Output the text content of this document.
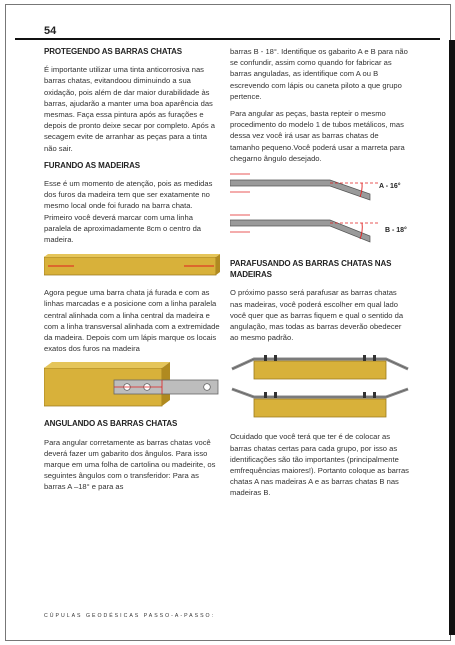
54
PROTEGENDO AS BARRAS CHATAS

É importante utilizar uma tinta anticorrosiva nas barras chatas, evitandoou diminuindo a sua oxidação, pois além de dar maior durabilidade às barras, ajudarão a manter uma boa aparência das mesmas. Faça essa pintura após as furações e depois de pronto deixe secar por completo. Após a secagem evite de arranhar as peças para a tinta não sair.

FURANDO AS MADEIRAS

Esse é um momento de atenção, pois as medidas dos furos da madeira tem que ser exatamente no mesmo local onde foi furado na barra chata. Primeiro você deverá marcar com uma linha paralela de aproximadamente 8cm o centro da madeira.

Agora pegue uma barra chata já furada e com as linhas marcadas e a posicione com a linha paralela central alinhada com a linha central da madeira e com a linha transversal alinhada com a extremidade da madeira. Depois com um lápis marque os locais exatos dos furos na madeira

ANGULANDO AS BARRAS CHATAS

Para angular corretamente as barras chatas você deverá fazer um gabarito dos ângulos. Para isso marque em uma folha de cartolina ou madeirite, os seguintes ângulos com o transferidor: Para as barras A –18° e para as

barras B - 18°. Identifique os gabarito A e B para não se confundir, assim como quando for fabricar as barras anguladas, as identifique com A ou B escrevendo com lápis ou caneta piloto a que grupo pertence.

Para angular as peças, basta repteir o mesmo procedimento do modelo 1 de tubos metálicos, mas dessa vez você irá usar as barras chatas de tamanho pequeno.Você poderá usar a marreta para chegarno ângulo desejado.

A - 16°
B - 18°
PARAFUSANDO AS BARRAS CHATAS NAS MADEIRAS

O próximo passo será parafusar as barras chatas nas madeiras, você poderá escolher em qual lado você quer que as barras fiquem e qual o sentido da angulação, mas todas as barras deverão obedecer ao mesmo padrão.

Ocuidado que você terá que ter é de colocar as barras chatas certas para cada grupo, por isso as identificações são tão importantes (principalmente emfrequências maiores!). Portanto coloque as barras chatas A nas madeiras A e as barras chatas B nas madeiras B.

CÚPULAS GEODÉSICAS PASSO-A-PASSO:
